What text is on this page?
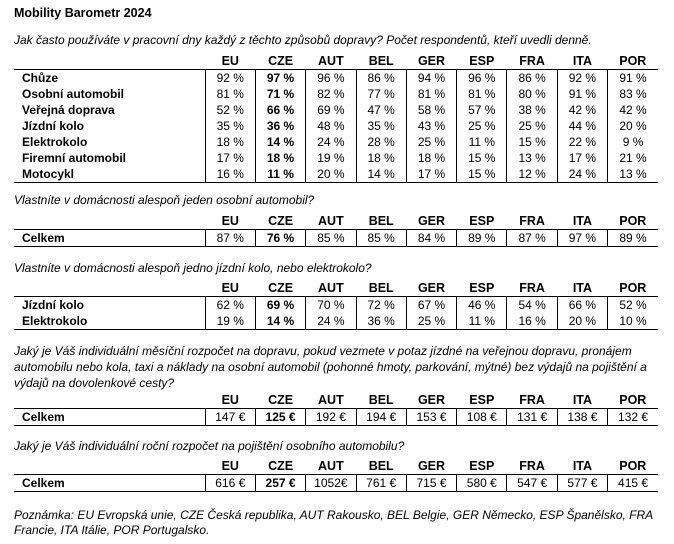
Mobility Barometr 2024
Jak často používáte v pracovní dny každý z těchto způsobů dopravy? Počet respondentů, kteří uvedli denně.
	EU	CZE	AUT	BEL	GER	ESP	FRA	ITA	POR
Chůze	92 %	97 %	96 %	86 %	94 %	96 %	86 %	92 %	91 %
Osobní automobil	81 %	71 %	82 %	77 %	81 %	81 %	80 %	91 %	83 %
Veřejná doprava	52 %	66 %	69 %	47 %	58 %	57 %	38 %	42 %	42 %
Jízdní kolo	35 %	36 %	48 %	35 %	43 %	25 %	25 %	44 %	20 %
Elektrokolo	18 %	14 %	24 %	28 %	25 %	11 %	15 %	22 %	9 %
Firemní automobil	17 %	18 %	19 %	18 %	18 %	15 %	13 %	17 %	21 %
Motocykl	16 %	11 %	20 %	14 %	17 %	15 %	12 %	24 %	13 %
Vlastníte v domácnosti alespoň jeden osobní automobil?
	EU	CZE	AUT	BEL	GER	ESP	FRA	ITA	POR
Celkem	87 %	76 %	85 %	85 %	84 %	89 %	87 %	97 %	89 %
Vlastníte v domácnosti alespoň jedno jízdní kolo, nebo elektrokolo?
	EU	CZE	AUT	BEL	GER	ESP	FRA	ITA	POR
Jízdní kolo	62 %	69 %	70 %	72 %	67 %	46 %	54 %	66 %	52 %
Elektrokolo	19 %	14 %	24 %	36 %	25 %	11 %	16 %	20 %	10 %
Jaký je Váš individuální měsíční rozpočet na dopravu, pokud vezmete v potaz jízdné na veřejnou dopravu, pronájem automobilu nebo kola, taxi a náklady na osobní automobil (pohonné hmoty, parkování, mýtné) bez výdajů na pojištění a výdajů na dovolenkové cesty?
	EU	CZE	AUT	BEL	GER	ESP	FRA	ITA	POR
Celkem	147 €	125 €	192 €	194 €	153 €	108 €	131 €	138 €	132 €
Jaký je Váš individuální roční rozpočet na pojištění osobního automobilu?
	EU	CZE	AUT	BEL	GER	ESP	FRA	ITA	POR
Celkem	616 €	257 €	1052€	761 €	715 €	580 €	547 €	577 €	415 €
Poznámka: EU Evropská unie, CZE Česká republika, AUT Rakousko, BEL Belgie, GER Německo, ESP Španělsko, FRA Francie, ITA Itálie, POR Portugalsko.
